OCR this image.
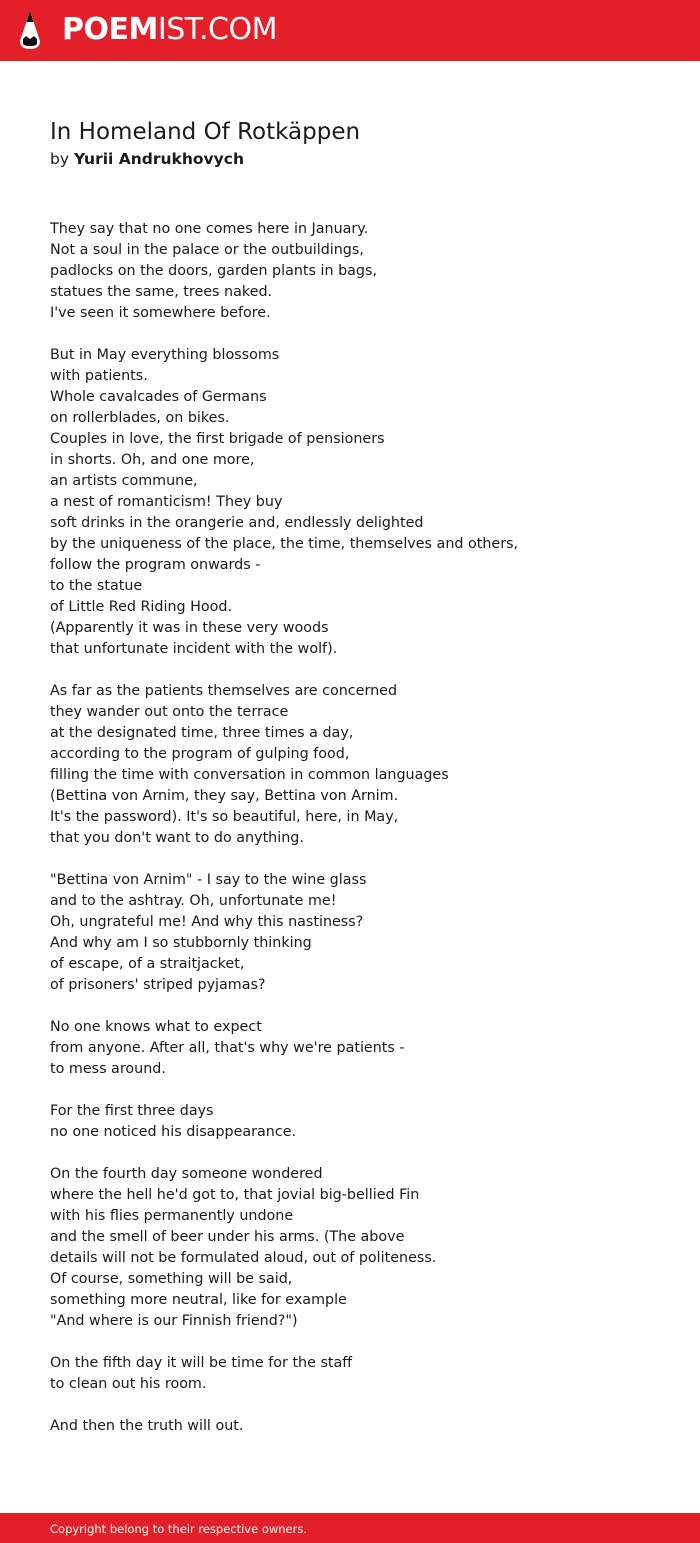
POEMIST.COM
In Homeland Of Rotkäppen
by Yurii Andrukhovych
They say that no one comes here in January.
Not a soul in the palace or the outbuildings,
padlocks on the doors, garden plants in bags,
statues the same, trees naked.
I've seen it somewhere before.
But in May everything blossoms
with patients.
Whole cavalcades of Germans
on rollerblades, on bikes.
Couples in love, the first brigade of pensioners
in shorts. Oh, and one more,
an artists commune,
a nest of romanticism! They buy
soft drinks in the orangerie and, endlessly delighted
by the uniqueness of the place, the time, themselves and others,
follow the program onwards -
to the statue
of Little Red Riding Hood.
(Apparently it was in these very woods
that unfortunate incident with the wolf).
As far as the patients themselves are concerned
they wander out onto the terrace
at the designated time, three times a day,
according to the program of gulping food,
filling the time with conversation in common languages
(Bettina von Arnim, they say, Bettina von Arnim.
It's the password). It's so beautiful, here, in May,
that you don't want to do anything.
"Bettina von Arnim" - I say to the wine glass
and to the ashtray. Oh, unfortunate me!
Oh, ungrateful me! And why this nastiness?
And why am I so stubbornly thinking
of escape, of a straitjacket,
of prisoners' striped pyjamas?
No one knows what to expect
from anyone. After all, that's why we're patients -
to mess around.
For the first three days
no one noticed his disappearance.
On the fourth day someone wondered
where the hell he'd got to, that jovial big-bellied Fin
with his flies permanently undone
and the smell of beer under his arms. (The above
details will not be formulated aloud, out of politeness.
Of course, something will be said,
something more neutral, like for example
"And where is our Finnish friend?")
On the fifth day it will be time for the staff
to clean out his room.
And then the truth will out.
Copyright belong to their respective owners.
